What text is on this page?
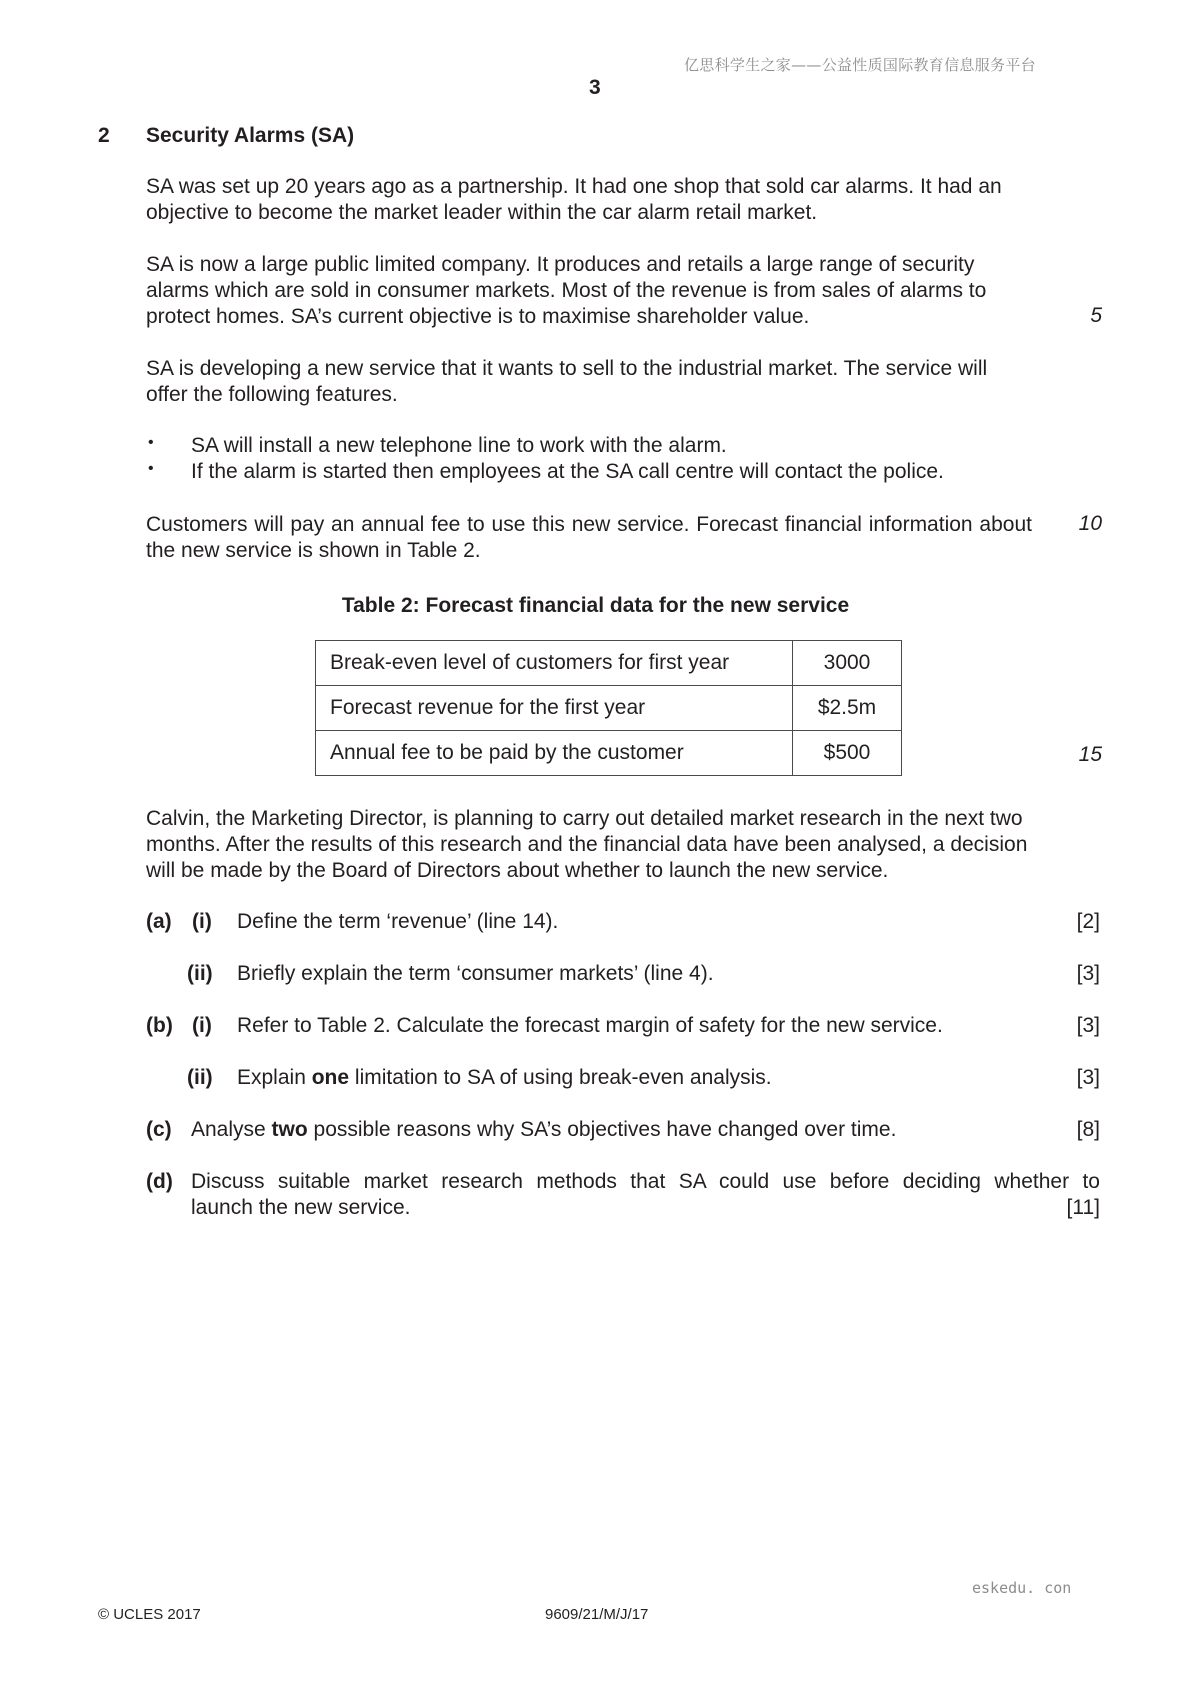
亿思科学生之家——公益性质国际教育信息服务平台
3
2 Security Alarms (SA)

SA was set up 20 years ago as a partnership. It had one shop that sold car alarms. It had an objective to become the market leader within the car alarm retail market.

SA is now a large public limited company. It produces and retails a large range of security alarms which are sold in consumer markets. Most of the revenue is from sales of alarms to protect homes. SA’s current objective is to maximise shareholder value.	5

SA is developing a new service that it wants to sell to the industrial market. The service will offer the following features.

• SA will install a new telephone line to work with the alarm.
• If the alarm is started then employees at the SA call centre will contact the police.

Customers will pay an annual fee to use this new service. Forecast financial information about the new service is shown in Table 2.

10
Table 2: Forecast financial data for the new service
Break-even level of customers for first year	3000
Forecast revenue for the first year	$2.5m
Annual fee to be paid by the customer	$500	15

Calvin, the Marketing Director, is planning to carry out detailed market research in the next two months. After the results of this research and the financial data have been analysed, a decision will be made by the Board of Directors about whether to launch the new service.

(a) (i) Define the term ‘revenue’ (line 14).	[2]
(ii) Briefly explain the term ‘consumer markets’ (line 4).	[3]
(b) (i) Refer to Table 2. Calculate the forecast margin of safety for the new service.	[3]
(ii) Explain one limitation to SA of using break-even analysis.	[3]
(c) Analyse two possible reasons why SA’s objectives have changed over time.	[8]
(d) Discuss suitable market research methods that SA could use before deciding whether to
launch the new service.	[11]
eskedu. con
© UCLES 2017	9609/21/M/J/17
